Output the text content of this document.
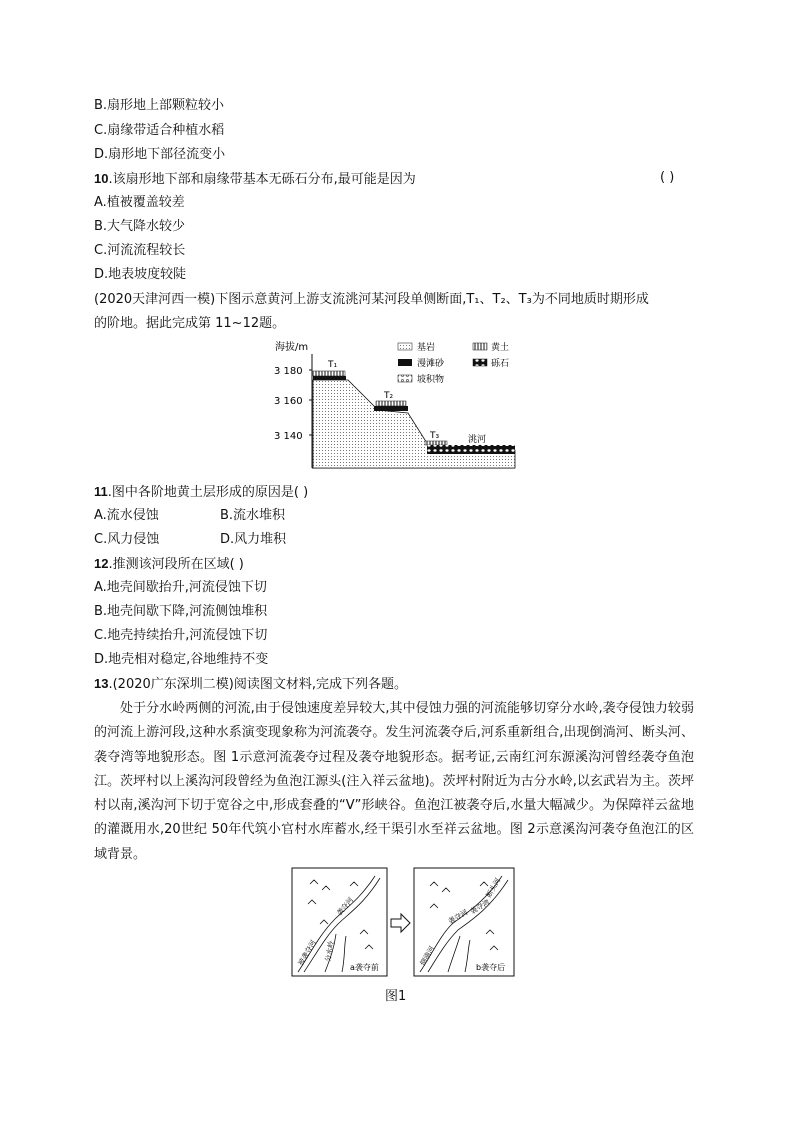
B.扇形地上部颗粒较小
C.扇缘带适合种植水稻
D.扇形地下部径流变小
10.该扇形地下部和扇缘带基本无砾石分布,最可能是因为	( )
A.植被覆盖较差
B.大气降水较少
C.河流流程较长
D.地表坡度较陡
(2020天津河西一模)下图示意黄河上游支流洮河某河段单侧断面,T₁、T₂、T₃为不同地质时期形成
的阶地。据此完成第 11~12题。
海拔/m
3 180
3 160
3 140
T₁
T₂
T₃	洮河
基岩	黄土
漫滩砂	砾石
坡积物
11.图中各阶地黄土层形成的原因是( )
A.流水侵蚀	B.流水堆积
C.风力侵蚀	D.风力堆积
12.推测该河段所在区域( )
A.地壳间歇抬升,河流侵蚀下切
B.地壳间歇下降,河流侧蚀堆积
C.地壳持续抬升,河流侵蚀下切
D.地壳相对稳定,谷地维持不变
13.(2020广东深圳二模)阅读图文材料,完成下列各题。
处于分水岭两侧的河流,由于侵蚀速度差异较大,其中侵蚀力强的河流能够切穿分水岭,袭夺侵蚀力较弱的河流上游河段,这种水系演变现象称为河流袭夺。发生河流袭夺后,河系重新组合,出现倒淌河、断头河、袭夺湾等地貌形态。图 1示意河流袭夺过程及袭夺地貌形态。据考证,云南红河东源溪沟河曾经袭夺鱼泡江。茨坪村以上溪沟河段曾经为鱼泡江源头(注入祥云盆地)。茨坪村附近为古分水岭,以玄武岩为主。茨坪村以南,溪沟河下切于宽谷之中,形成套叠的“V”形峡谷。鱼泡江被袭夺后,水量大幅减少。为保障祥云盆地的灌溉用水,20世纪 50年代筑小官村水库蓄水,经干渠引水至祥云盆地。图 2示意溪沟河袭夺鱼泡江的区域背景。
袭夺河
被袭夺河 分水岭
a袭夺前
袭夺河
袭夺湾
断头河
倒淌河
b袭夺后
图1
